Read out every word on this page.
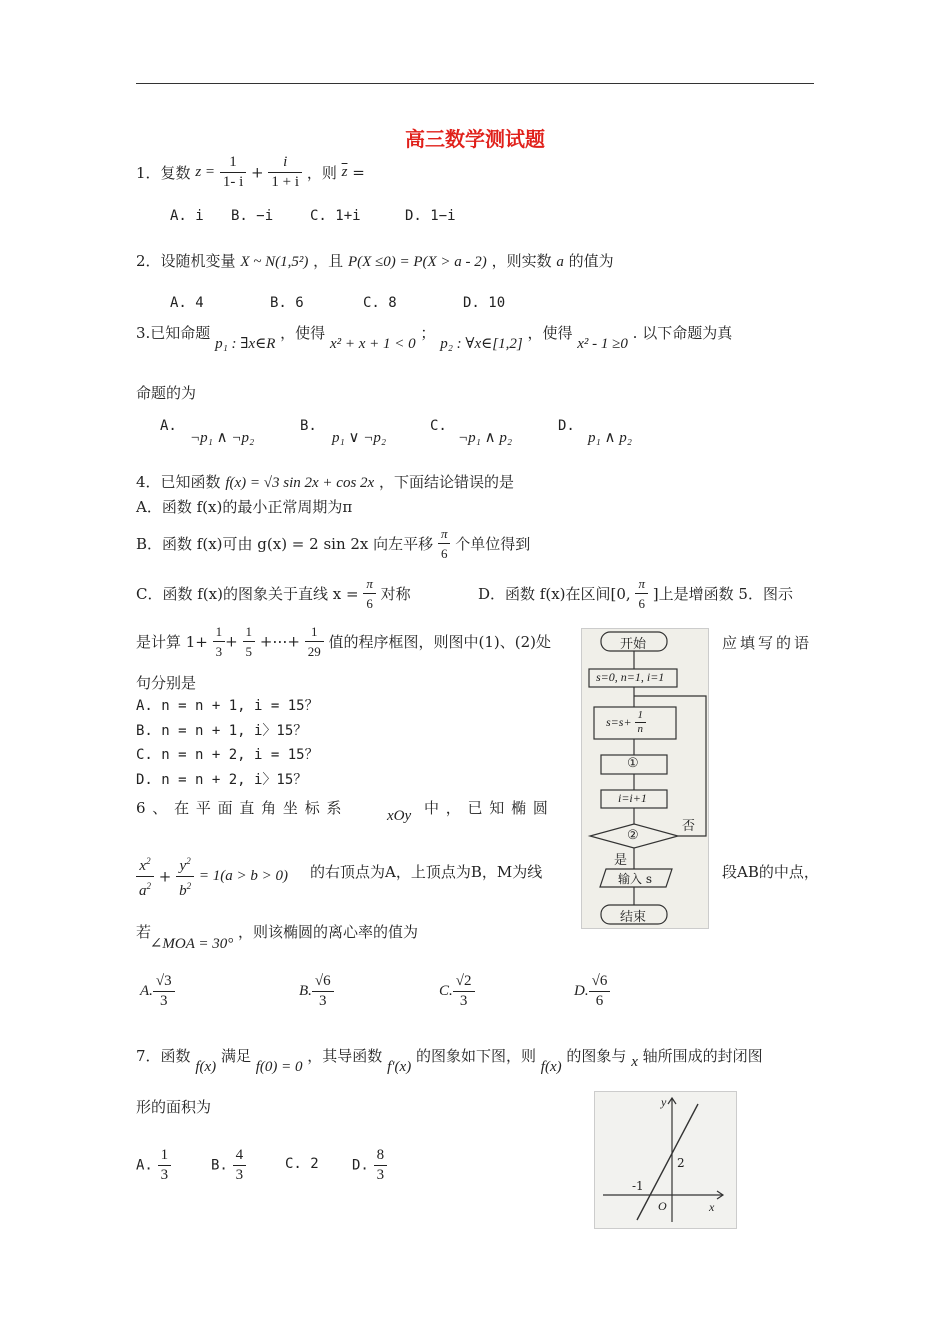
高三数学测试题
1．复数 $z = \frac{1}{1- i} + \frac{i}{1 + i}$ ，则 $\overline{z}$ =
A. i B. −i	C. 1+i	D. 1−i
2．设随机变量 X ~ N(1,5²) ，且 P(X ≤0) = P(X > a - 2) ，则实数 a 的值为
A. 4	B. 6	C. 8	D. 10
3.已知命题 p₁ : ∃x∈R ，使得 x² + x + 1 < 0 ； p₂ : ∀x∈[1,2] ，使得 x² - 1 ≥0 . 以下命题为真
命题的为
A.
¬p₁ ∧ ¬p₂
B.
p₁ ∨ ¬p₂
C.
¬p₁ ∧ p₂
D.
p₁ ∧ p₂
4．已知函数 f(x) = √3 sin 2x + cos 2x ，下面结论错误的是
A．函数 f(x)的最小正常周期为π
B．函数 f(x)可由 g(x) = 2 sin 2x 向左平移 $\frac{\pi}{6}$ 个单位得到
C．函数 f(x)的图象关于直线 $x = \frac{\pi}{6}$ 对称	D．函数 f(x)在区间[0, $\frac{\pi}{6}$ ]上是增函数 5．图示
是计算 $1+ \frac{1}{3} + \frac{1}{5}$ +⋯+ $\frac{1}{29}$ 值的程序框图，则图中(1)、(2)处	应填写的语
句分别是
A. n = n + 1, i = 15？
B. n = n + 1, i〉15？
C. n = n + 2, i = 15？
D. n = n + 2, i〉15？
开始
s=0, n=1, i=1
$s=s+ \frac{1}{n}$
①
i=i+1
②
否
是
输入 s
结束
6 、 在 平 面 直 角 坐 标 系	xOy 中 ， 已 知 椭 圆
$\frac{x^2}{a^2} + \frac{y^2}{b^2} = 1(a > b > 0)$ 的右顶点为A，上顶点为B，M为线	段AB的中点，
若 ∠MOA = 30° ，则该椭圆的离心率的值为
A. $\frac{√3}{3}$	B. $\frac{√6}{3}$	C. $\frac{√2}{3}$	D. $\frac{√6}{6}$
7．函数 f(x) 满足 f(0) = 0 ，其导函数 f′(x) 的图象如下图，则 f(x) 的图象与 x 轴所围成的封闭图
形的面积为
A. $\frac{1}{3}$	B. $\frac{4}{3}$	C. 2 D. $\frac{8}{3}$
y
x
O
2
-1
